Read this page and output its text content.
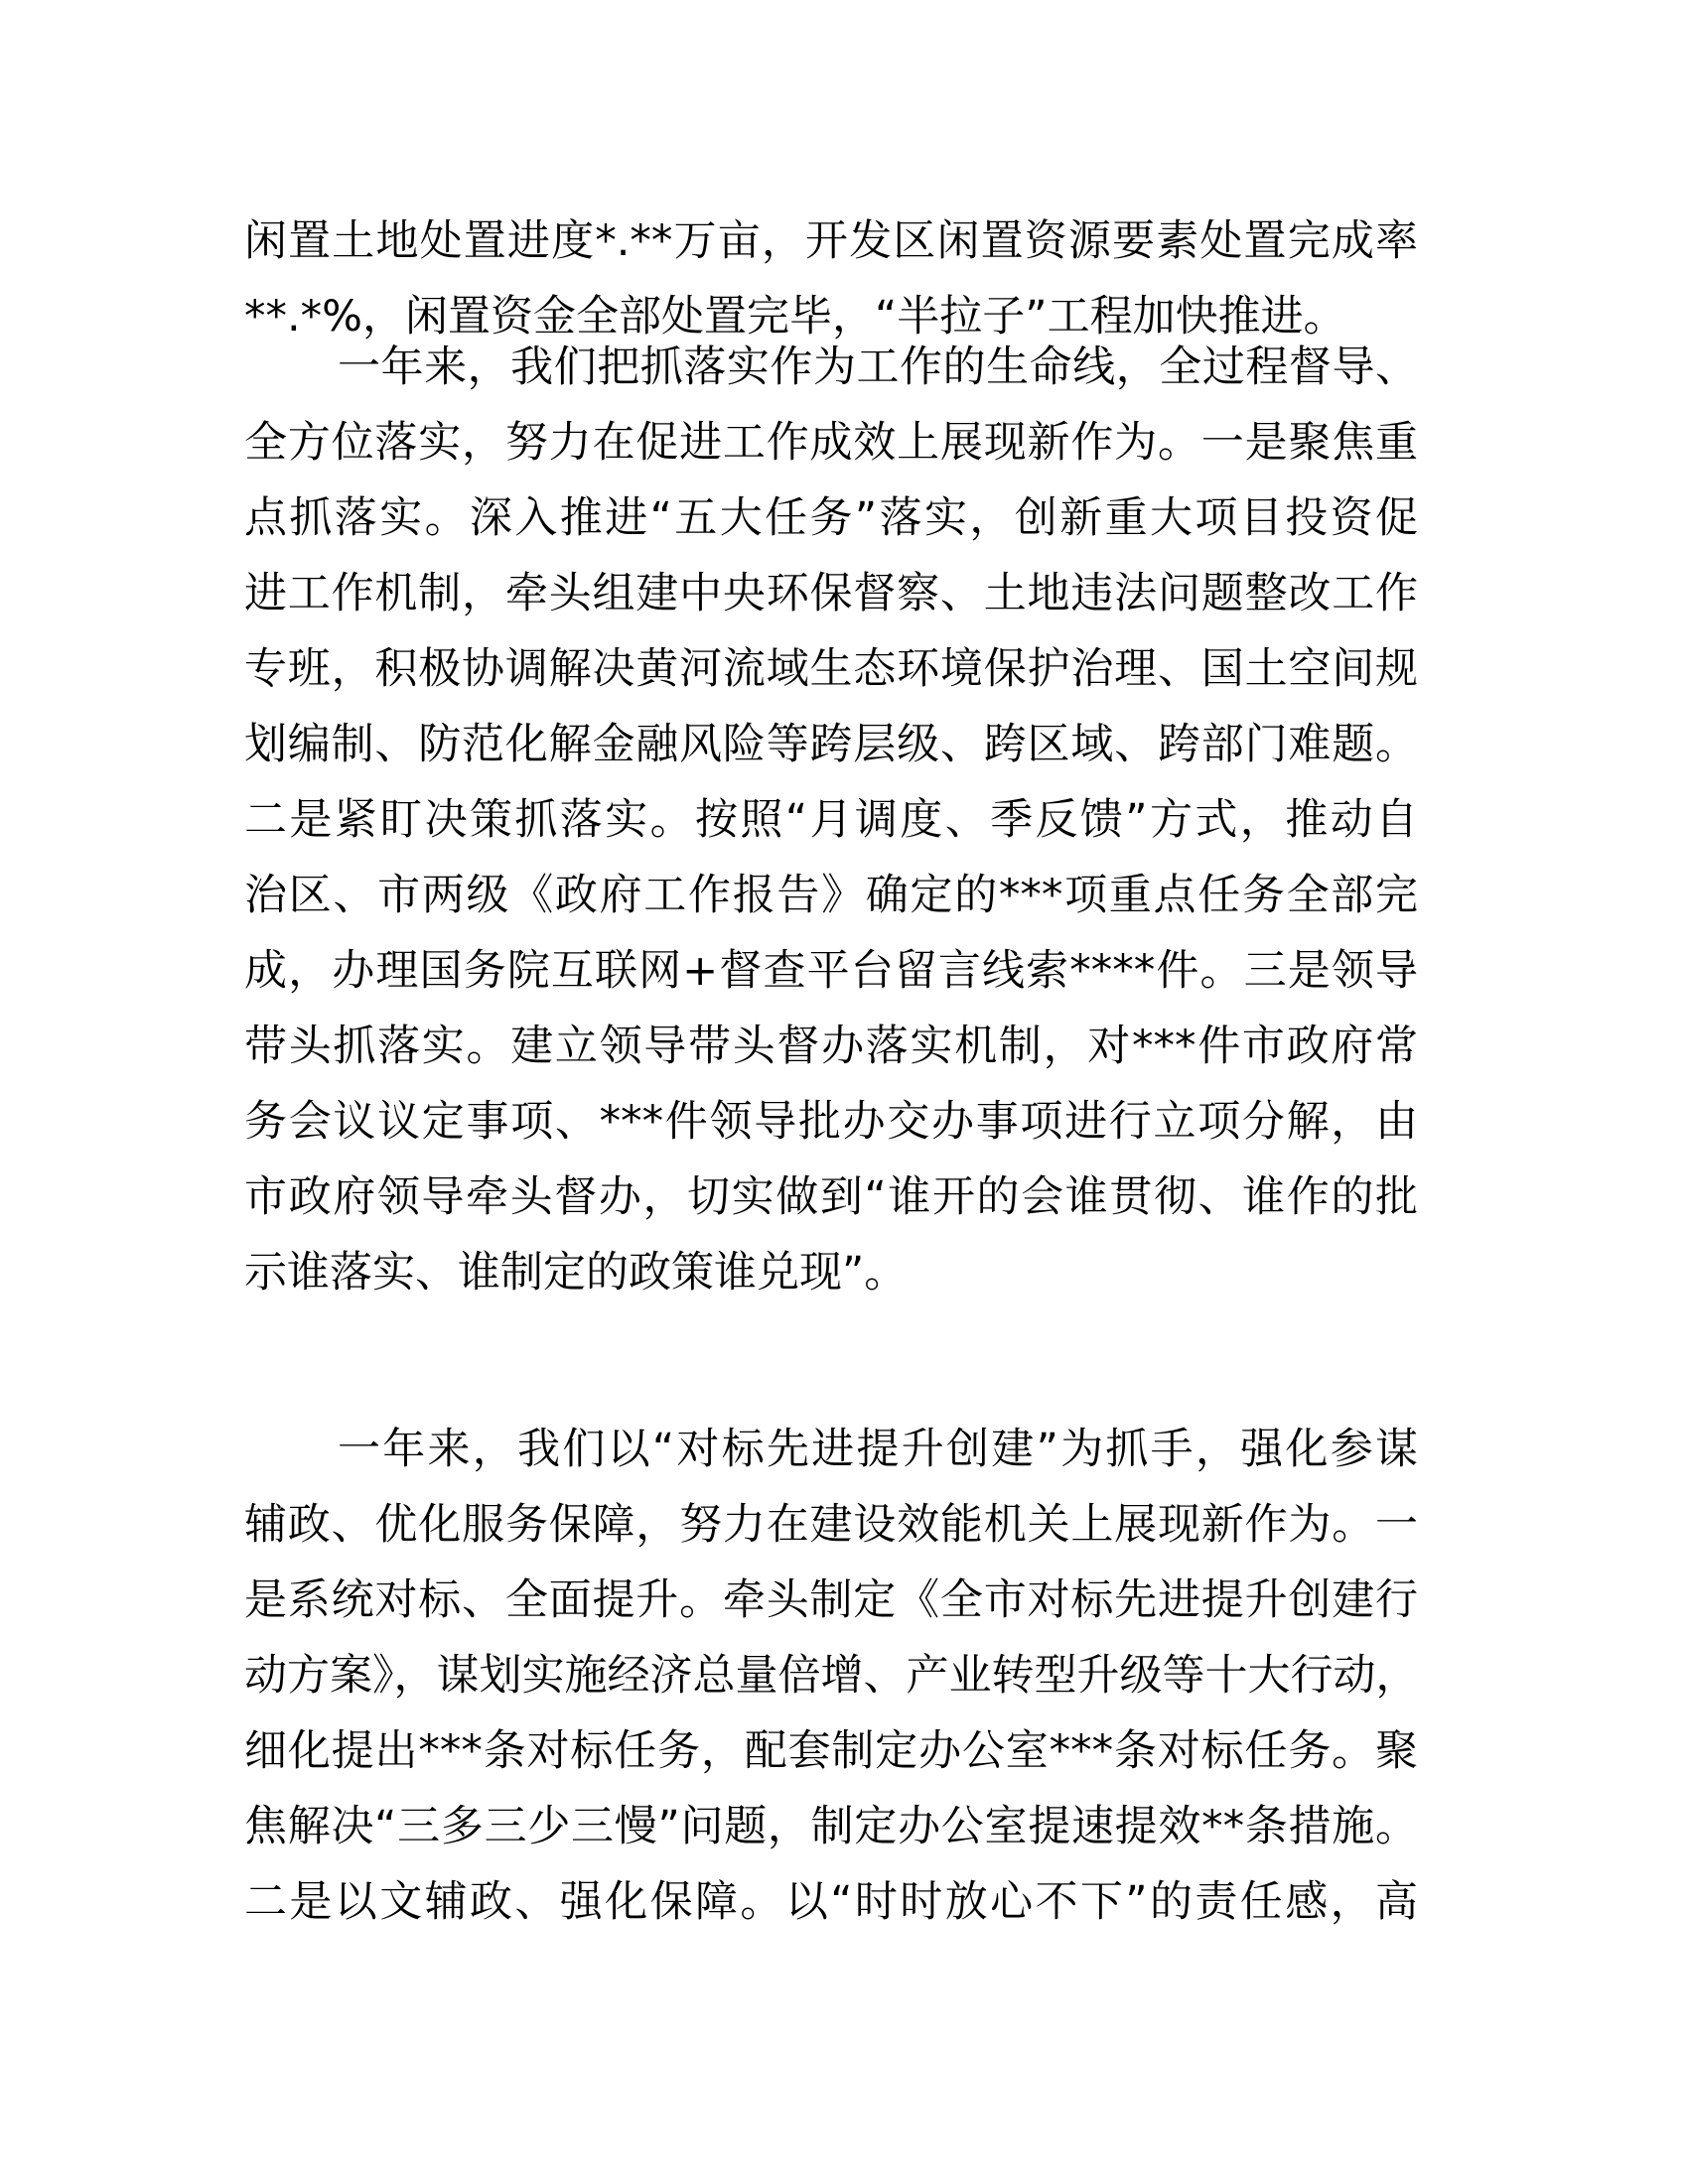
闲置土地处置进度*.**万亩，开发区闲置资源要素处置完成率
**.*%，闲置资金全部处置完毕，“半拉子”工程加快推进。
一年来，我们把抓落实作为工作的生命线，全过程督导、
全方位落实，努力在促进工作成效上展现新作为。一是聚焦重
点抓落实。深入推进“五大任务”落实，创新重大项目投资促
进工作机制，牵头组建中央环保督察、土地违法问题整改工作
专班，积极协调解决黄河流域生态环境保护治理、国土空间规
划编制、防范化解金融风险等跨层级、跨区域、跨部门难题。
二是紧盯决策抓落实。按照“月调度、季反馈”方式，推动自
治区、市两级《政府工作报告》确定的***项重点任务全部完
成，办理国务院互联网+督查平台留言线索****件。三是领导
带头抓落实。建立领导带头督办落实机制，对***件市政府常
务会议议定事项、***件领导批办交办事项进行立项分解，由
市政府领导牵头督办，切实做到“谁开的会谁贯彻、谁作的批
示谁落实、谁制定的政策谁兑现”。
一年来，我们以“对标先进提升创建”为抓手，强化参谋
辅政、优化服务保障，努力在建设效能机关上展现新作为。一
是系统对标、全面提升。牵头制定《全市对标先进提升创建行
动方案》，谋划实施经济总量倍增、产业转型升级等十大行动，
细化提出***条对标任务，配套制定办公室***条对标任务。聚
焦解决“三多三少三慢”问题，制定办公室提速提效**条措施。
二是以文辅政、强化保障。以“时时放心不下”的责任感，高
